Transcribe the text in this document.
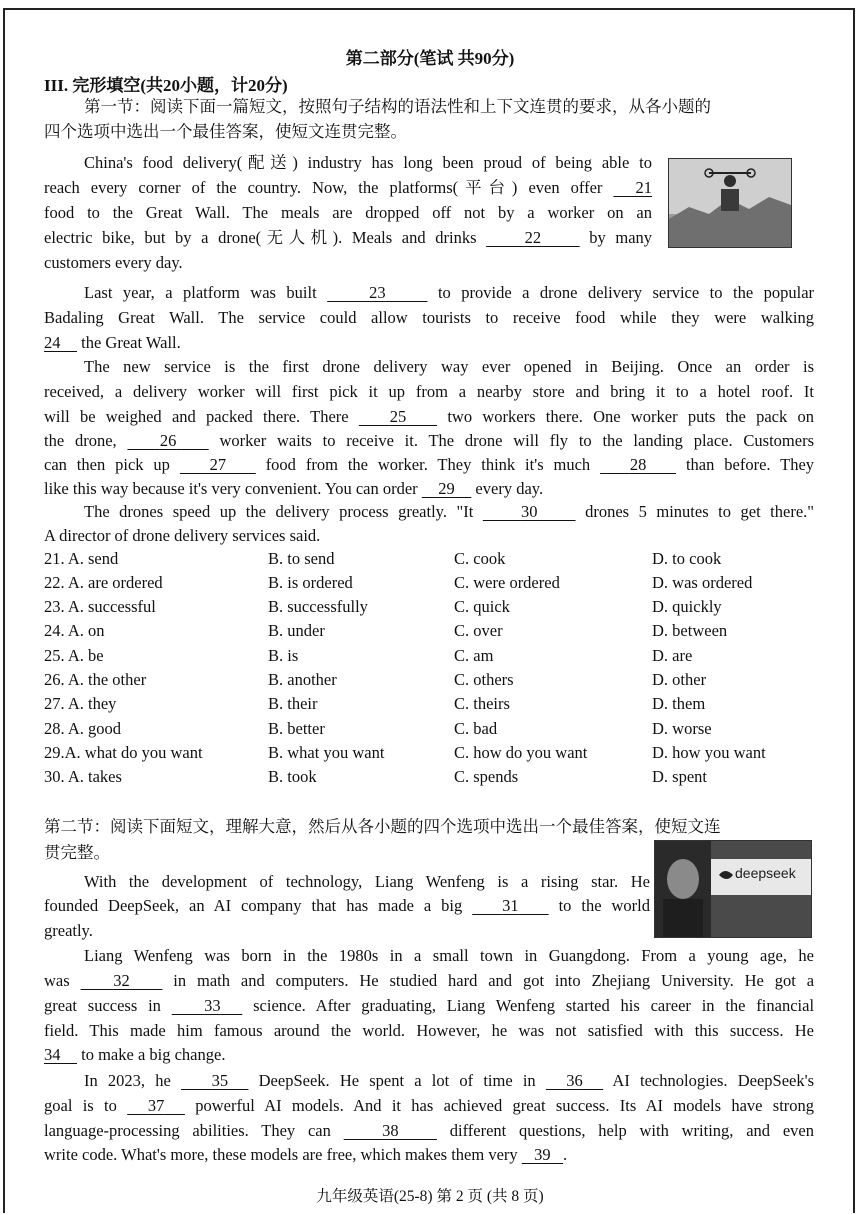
第二部分(笔试 共90分)
III. 完形填空(共20小题，计20分)
第一节：阅读下面一篇短文，按照句子结构的语法性和上下文连贯的要求，从各小题的
四个选项中选出一个最佳答案，使短文连贯完整。
China's food delivery(配送) industry has long been proud of being able to
reach every corner of the country. Now, the platforms(平台) even offer 21
food to the Great Wall. The meals are dropped off not by a worker on an
electric bike, but by a drone(无人机). Meals and drinks	22	by many
customers every day.
Last year, a platform was built	23	to provide a drone delivery service to the popular
Badaling Great Wall. The service could allow tourists to receive food while they were walking
24 the Great Wall.
The new service is the first drone delivery way ever opened in Beijing. Once an order is
received, a delivery worker will first pick it up from a nearby store and bring it to a hotel roof. It
will be weighed and packed there. There 25 two workers there. One worker puts the pack on
the drone,	26	worker waits to receive it. The drone will fly to the landing place. Customers
can then pick up 27 food from the worker. They think it's much 28 than before. They
like this way because it's very convenient. You can order 29 every day.
The drones speed up the delivery process greatly. "It	30	drones 5 minutes to get there."
A director of drone delivery services said.
21. A. send	B. to send	C. cook	D. to cook
22. A. are ordered	B. is ordered	C. were ordered	D. was ordered
23. A. successful	B. successfully	C. quick	D. quickly
24. A. on	B. under	C. over	D. between
25. A. be	B. is	C. am	D. are
26. A. the other	B. another	C. others	D. other
27. A. they	B. their	C. theirs	D. them
28. A. good	B. better	C. bad	D. worse
29.A. what do you want	B. what you want	C. how do you want	D. how you want
30. A. takes	B. took	C. spends	D. spent
第二节：阅读下面短文，理解大意，然后从各小题的四个选项中选出一个最佳答案，使短文连
贯完整。
deepseek
With the development of technology, Liang Wenfeng is a rising star. He
founded DeepSeek, an AI company that has made a big 31 to the world
greatly.
Liang Wenfeng was born in the 1980s in a small town in Guangdong. From a young age, he
was	32	in math and computers. He studied hard and got into Zhejiang University. He got a
great success in	33 science. After graduating, Liang Wenfeng started his career in the financial
field. This made him famous around the world. However, he was not satisfied with this success. He
34 to make a big change.
In 2023, he 35 DeepSeek. He spent a lot of time in 36 AI technologies. DeepSeek's
goal is to 37 powerful AI models. And it has achieved great success. Its AI models have strong
language-processing abilities. They can	38	different questions, help with writing, and even
write code. What's more, these models are free, which makes them very 39 .
九年级英语(25-8) 第 2 页 (共 8 页)
